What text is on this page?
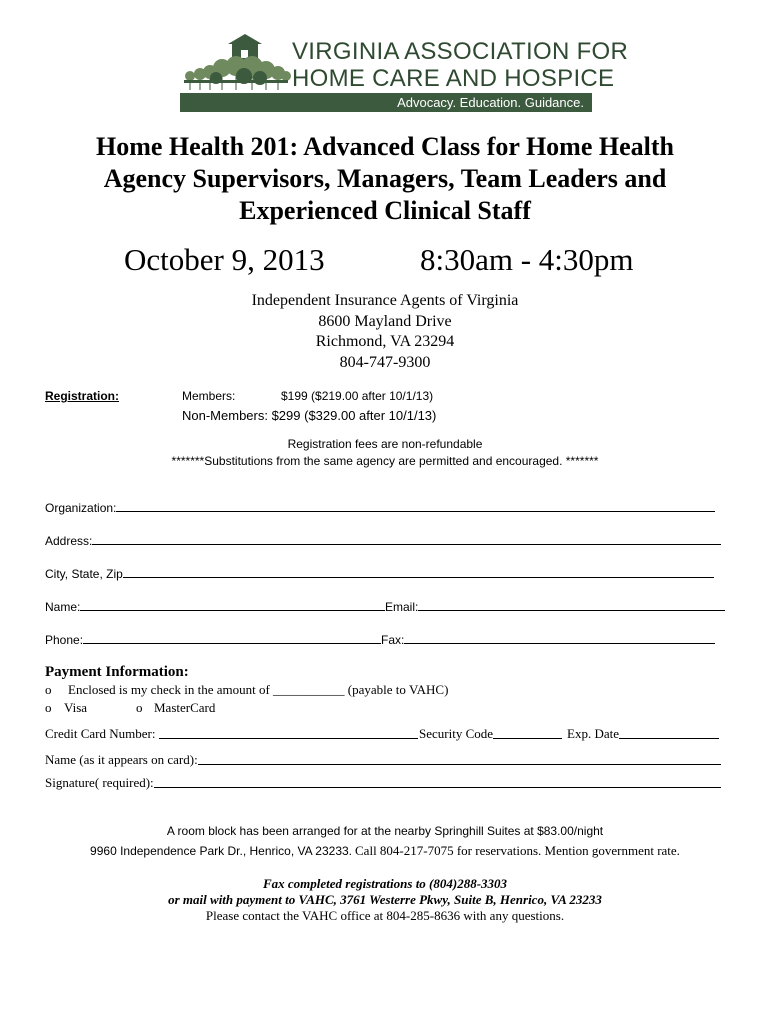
VIRGINIA ASSOCIATION FOR
HOME CARE AND HOSPICE
Advocacy. Education. Guidance.
Home Health 201: Advanced Class for Home Health
Agency Supervisors, Managers, Team Leaders and
Experienced Clinical Staff
October 9, 2013	8:30am - 4:30pm
Independent Insurance Agents of Virginia
8600 Mayland Drive
Richmond, VA 23294
804-747-9300
Registration:	Members:	$199 ($219.00 after 10/1/13)
Non-Members: $299 ($329.00 after 10/1/13)
Registration fees are non-refundable
*******Substitutions from the same agency are permitted and encouraged. *******
Organization:
Address:
City, State, Zip
Name:	Email:
Phone:	Fax:
Payment Information:
o Enclosed is my check in the amount of ___________ (payable to VAHC)
o Visa	o MasterCard
Credit Card Number:	Security Code	Exp. Date
Name (as it appears on card):
Signature( required):
A room block has been arranged for at the nearby Springhill Suites at $83.00/night
9960 Independence Park Dr., Henrico, VA 23233. Call 804-217-7075 for reservations. Mention government rate.
Fax completed registrations to (804)288-3303
or mail with payment to VAHC, 3761 Westerre Pkwy, Suite B, Henrico, VA 23233
Please contact the VAHC office at 804-285-8636 with any questions.
